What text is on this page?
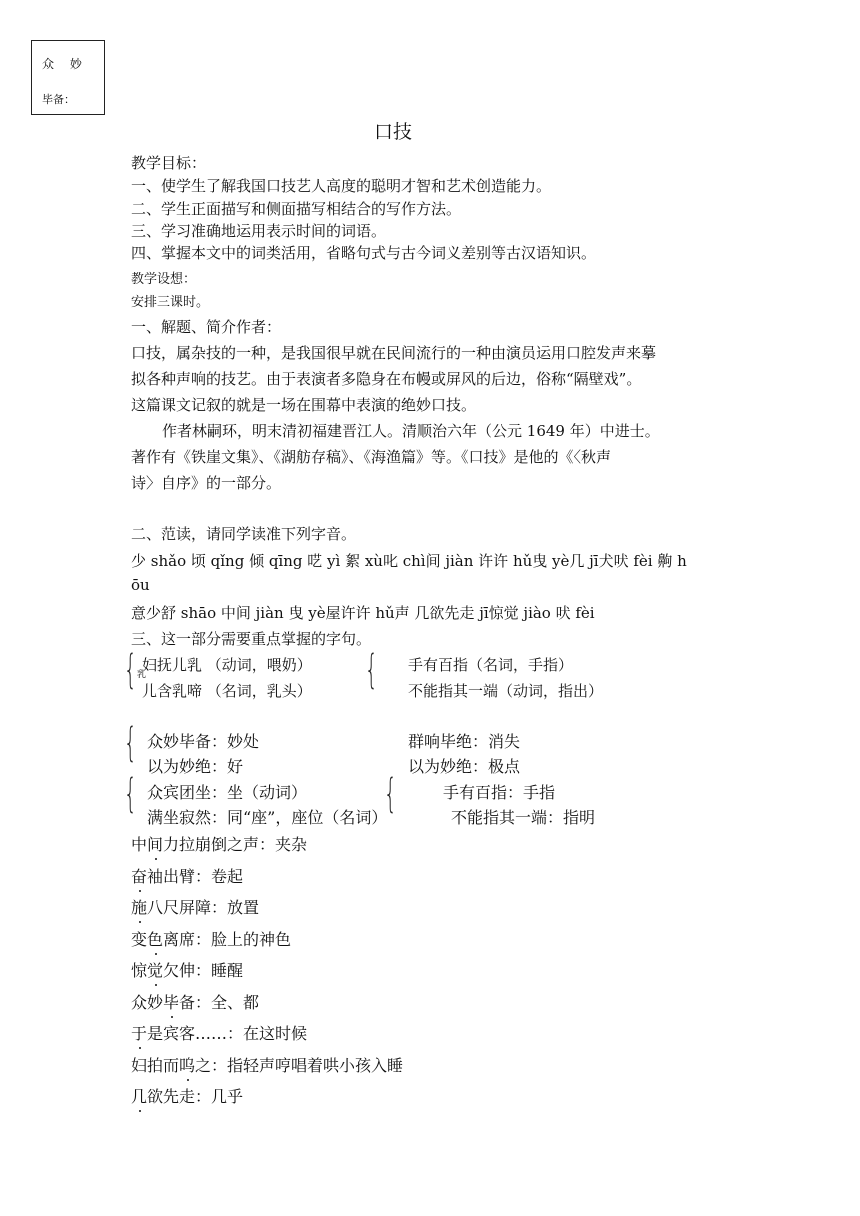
众 妙
毕备：
口技
教学目标：
一、使学生了解我国口技艺人高度的聪明才智和艺术创造能力。
二、学生正面描写和侧面描写相结合的写作方法。
三、学习准确地运用表示时间的词语。
四、掌握本文中的词类活用，省略句式与古今词义差别等古汉语知识。
教学设想：
安排三课时。
一、解题、简介作者：
口技，属杂技的一种，是我国很早就在民间流行的一种由演员运用口腔发声来摹
拟各种声响的技艺。由于表演者多隐身在布幔或屏风的后边，俗称“隔壁戏”。
这篇课文记叙的就是一场在围幕中表演的绝妙口技。
作者林嗣环，明末清初福建晋江人。清顺治六年（公元 1649 年）中进士。
著作有《铁崖文集》、《湖舫存稿》、《海渔篇》等。《口技》是他的《〈秋声
诗〉自序》的一部分。
二、范读，请同学读准下列字音。
少 shǎo 顷 qǐng 倾 qīng 呓 yì 絮 xù叱 chì间 jiàn 许许 hǔ曳 yè几 jī犬吠 fèi 齁 h
ōu
意少舒 shāo 中间 jiàn 曳 yè屋许许 hǔ声 几欲先走 jī惊觉 jiào 吠 fèi
三、这一部分需要重点掌握的字句。
{ 乳
妇抚儿乳 （动词，喂奶）
儿含乳啼 （名词，乳头） { 手有百指（名词，手指）
不能指其一端（动词，指出）
{ 众妙毕备：妙处
以为妙绝：好
群响毕绝：消失
以为妙绝：极点
{ 众宾团坐：坐（动词）
满坐寂然：同“座”，座位（名词）
{	手有百指：手指
不能指其一端：指明
中间力拉崩倒之声：夹杂
奋袖出臂：卷起
施八尺屏障：放置
变色离席：脸上的神色
惊觉欠伸：睡醒
众妙毕备：全、都
于是宾客……：在这时候
妇拍而呜之：指轻声哼唱着哄小孩入睡
几欲先走：几乎
